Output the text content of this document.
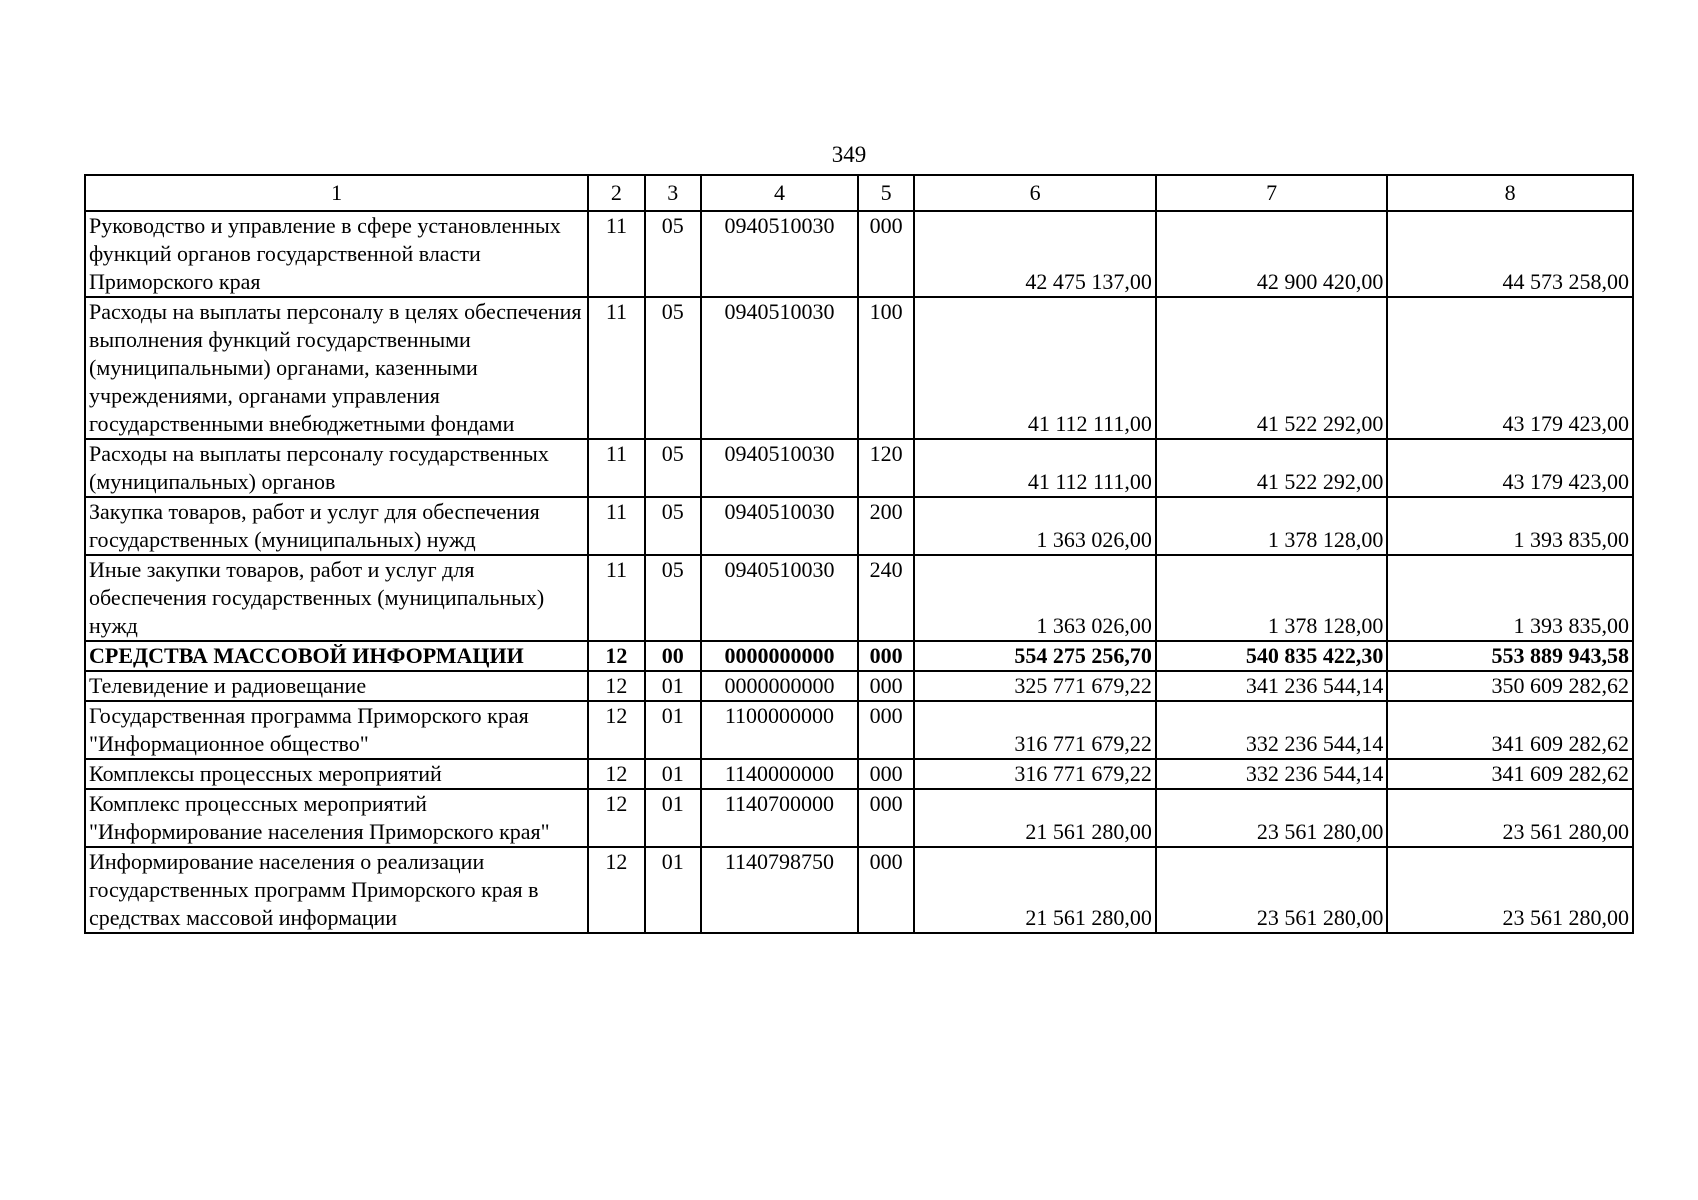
349
1	2	3	4	5	6	7	8
Руководство и управление в сфере установленных функций органов государственной власти Приморского края	11	05	0940510030	000	42 475 137,00	42 900 420,00	44 573 258,00
Расходы на выплаты персоналу в целях обеспечения выполнения функций государственными (муниципальными) органами, казенными учреждениями, органами управления государственными внебюджетными фондами	11	05	0940510030	100	41 112 111,00	41 522 292,00	43 179 423,00
Расходы на выплаты персоналу государственных (муниципальных) органов	11	05	0940510030	120	41 112 111,00	41 522 292,00	43 179 423,00
Закупка товаров, работ и услуг для обеспечения государственных (муниципальных) нужд	11	05	0940510030	200	1 363 026,00	1 378 128,00	1 393 835,00
Иные закупки товаров, работ и услуг для обеспечения государственных (муниципальных) нужд	11	05	0940510030	240	1 363 026,00	1 378 128,00	1 393 835,00
СРЕДСТВА МАССОВОЙ ИНФОРМАЦИИ	12	00	0000000000	000	554 275 256,70	540 835 422,30	553 889 943,58
Телевидение и радиовещание	12	01	0000000000	000	325 771 679,22	341 236 544,14	350 609 282,62
Государственная программа Приморского края "Информационное общество"	12	01	1100000000	000	316 771 679,22	332 236 544,14	341 609 282,62
Комплексы процессных мероприятий	12	01	1140000000	000	316 771 679,22	332 236 544,14	341 609 282,62
Комплекс процессных мероприятий "Информирование населения Приморского края"	12	01	1140700000	000	21 561 280,00	23 561 280,00	23 561 280,00
Информирование населения о реализации государственных программ Приморского края в средствах массовой информации	12	01	1140798750	000	21 561 280,00	23 561 280,00	23 561 280,00
